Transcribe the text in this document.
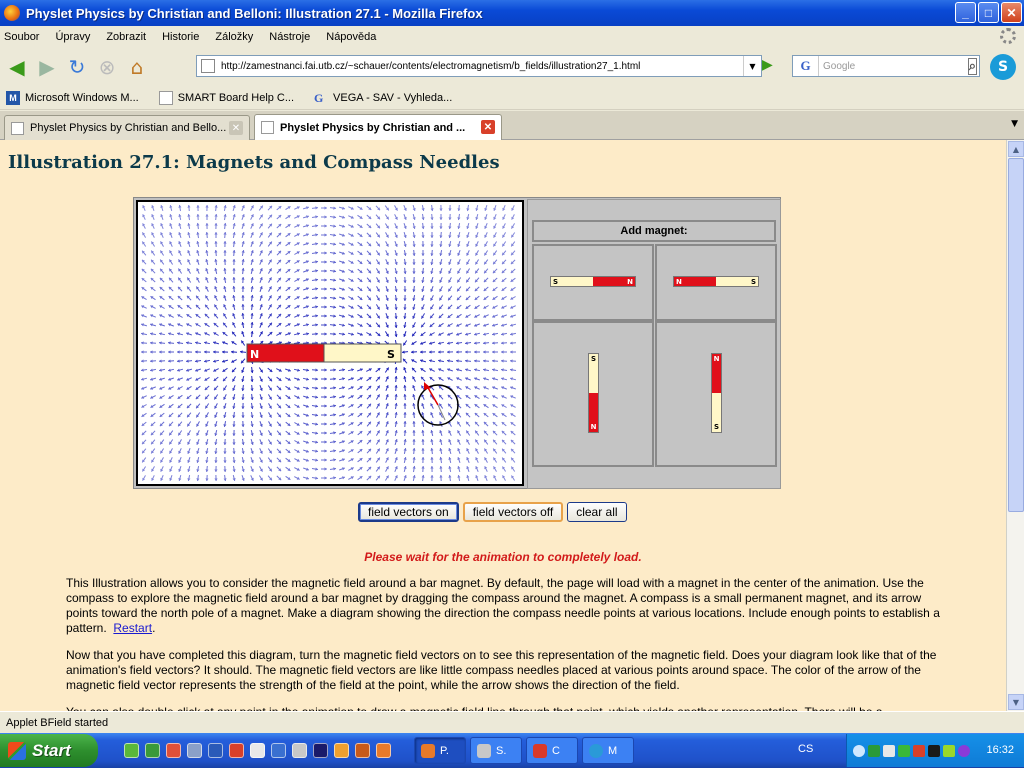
Physlet Physics by Christian and Belloni: Illustration 27.1 - Mozilla Firefox	_	□	✕
Soubor Úpravy Zobrazit Historie Záložky Nástroje Nápověda
◀ ▶ ↻ ⊗ ⌂	http://zamestnanci.fai.utb.cz/~schauer/contents/electromagnetism/b_fields/illustration27_1.html	▼ ▶	G	Google	⌕	S
M Microsoft Windows M...	SMART Board Help C... G VEGA - SAV - Vyhleda...
Physlet Physics by Christian and Bello... ✕	Physlet Physics by Christian and ... ✕	▼
Illustration 27.1: Magnets and Compass Needles
N	S
Add magnet:
S	N	N	S
S
N
N
S
field vectors on	field vectors off	clear all
Please wait for the animation to completely load.
This Illustration allows you to consider the magnetic field around a bar magnet. By default, the page will load with a magnet in the center of the animation. Use the compass to explore the magnetic field around a bar magnet by dragging the compass around the magnet. A compass is a small permanent magnet, and its arrow points toward the north pole of a magnet. Make a diagram showing the direction the compass needle points at various locations. Include enough points to establish a pattern. Restart.
Now that you have completed this diagram, turn the magnetic field vectors on to see this representation of the magnetic field. Does your diagram look like that of the animation's field vectors? It should. The magnetic field vectors are like little compass needles placed at various points around space. The color of the arrow of the magnetic field vector represents the strength of the field at the point, while the arrow shows the direction of the field.
▲
▼
Applet BField started
Start	P.	S.	C	M	CS	16:32
